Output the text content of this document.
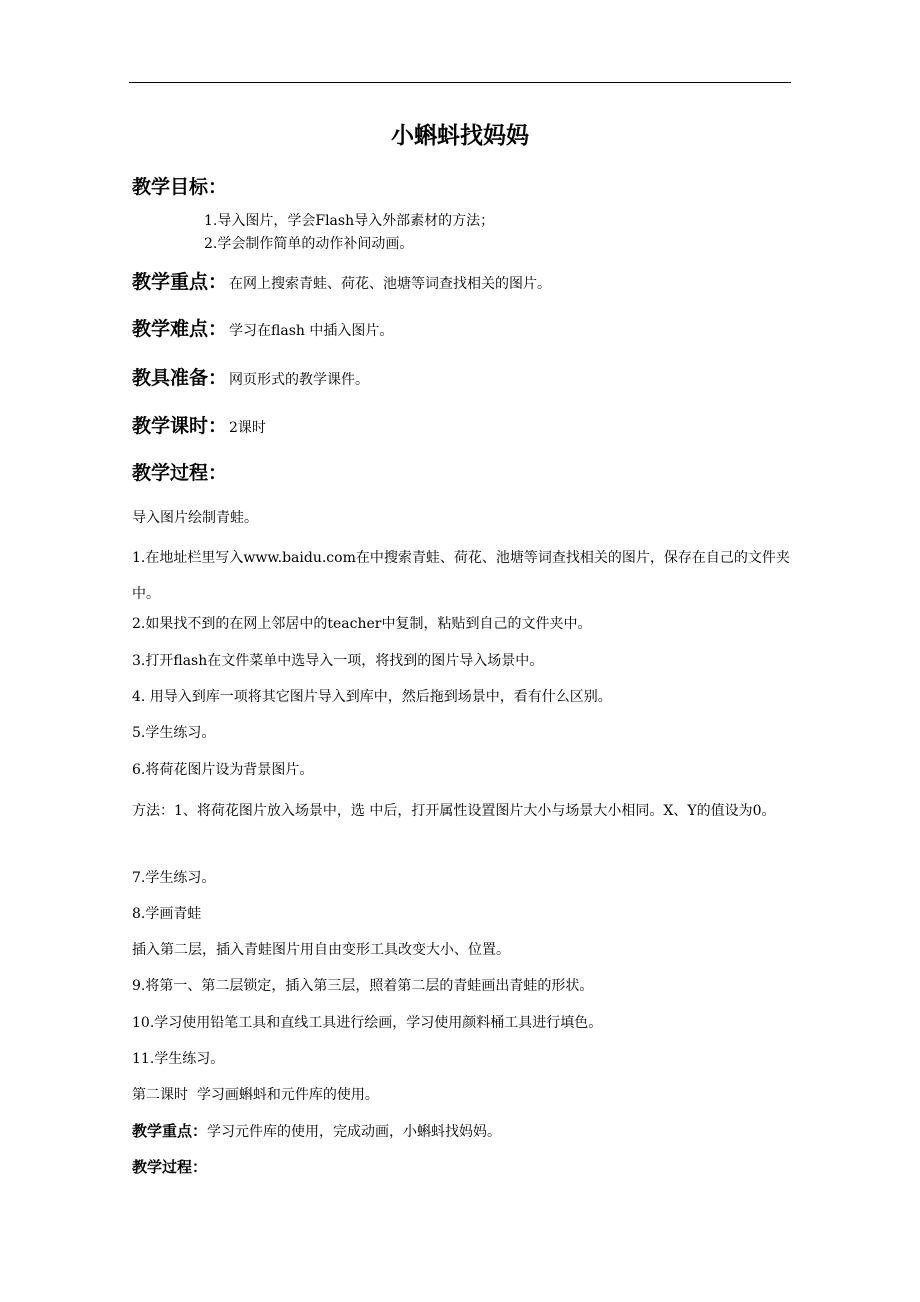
小蝌蚪找妈妈
教学目标：
1.导入图片，学会Flash导入外部素材的方法；
2.学会制作简单的动作补间动画。
教学重点： 在网上搜索青蛙、荷花、池塘等词查找相关的图片。
教学难点： 学习在flash 中插入图片。
教具准备： 网页形式的教学课件。
教学课时： 2课时
教学过程：
导入图片绘制青蛙。
1.在地址栏里写入www.baidu.com在中搜索青蛙、荷花、池塘等词查找相关的图片，保存在自己的文件夹中。
2.如果找不到的在网上邻居中的teacher中复制，粘贴到自己的文件夹中。
3.打开flash在文件菜单中选导入一项，将找到的图片导入场景中。
4. 用导入到库一项将其它图片导入到库中，然后拖到场景中，看有什么区别。
5.学生练习。
6.将荷花图片设为背景图片。
方法：1、将荷花图片放入场景中，选 中后，打开属性设置图片大小与场景大小相同。X、Y的值设为0。
7.学生练习。
8.学画青蛙
插入第二层，插入青蛙图片用自由变形工具改变大小、位置。
9.将第一、第二层锁定，插入第三层，照着第二层的青蛙画出青蛙的形状。
10.学习使用铅笔工具和直线工具进行绘画，学习使用颜料桶工具进行填色。
11.学生练习。
第二课时  学习画蝌蚪和元件库的使用。
教学重点：学习元件库的使用，完成动画，小蝌蚪找妈妈。
教学过程：
